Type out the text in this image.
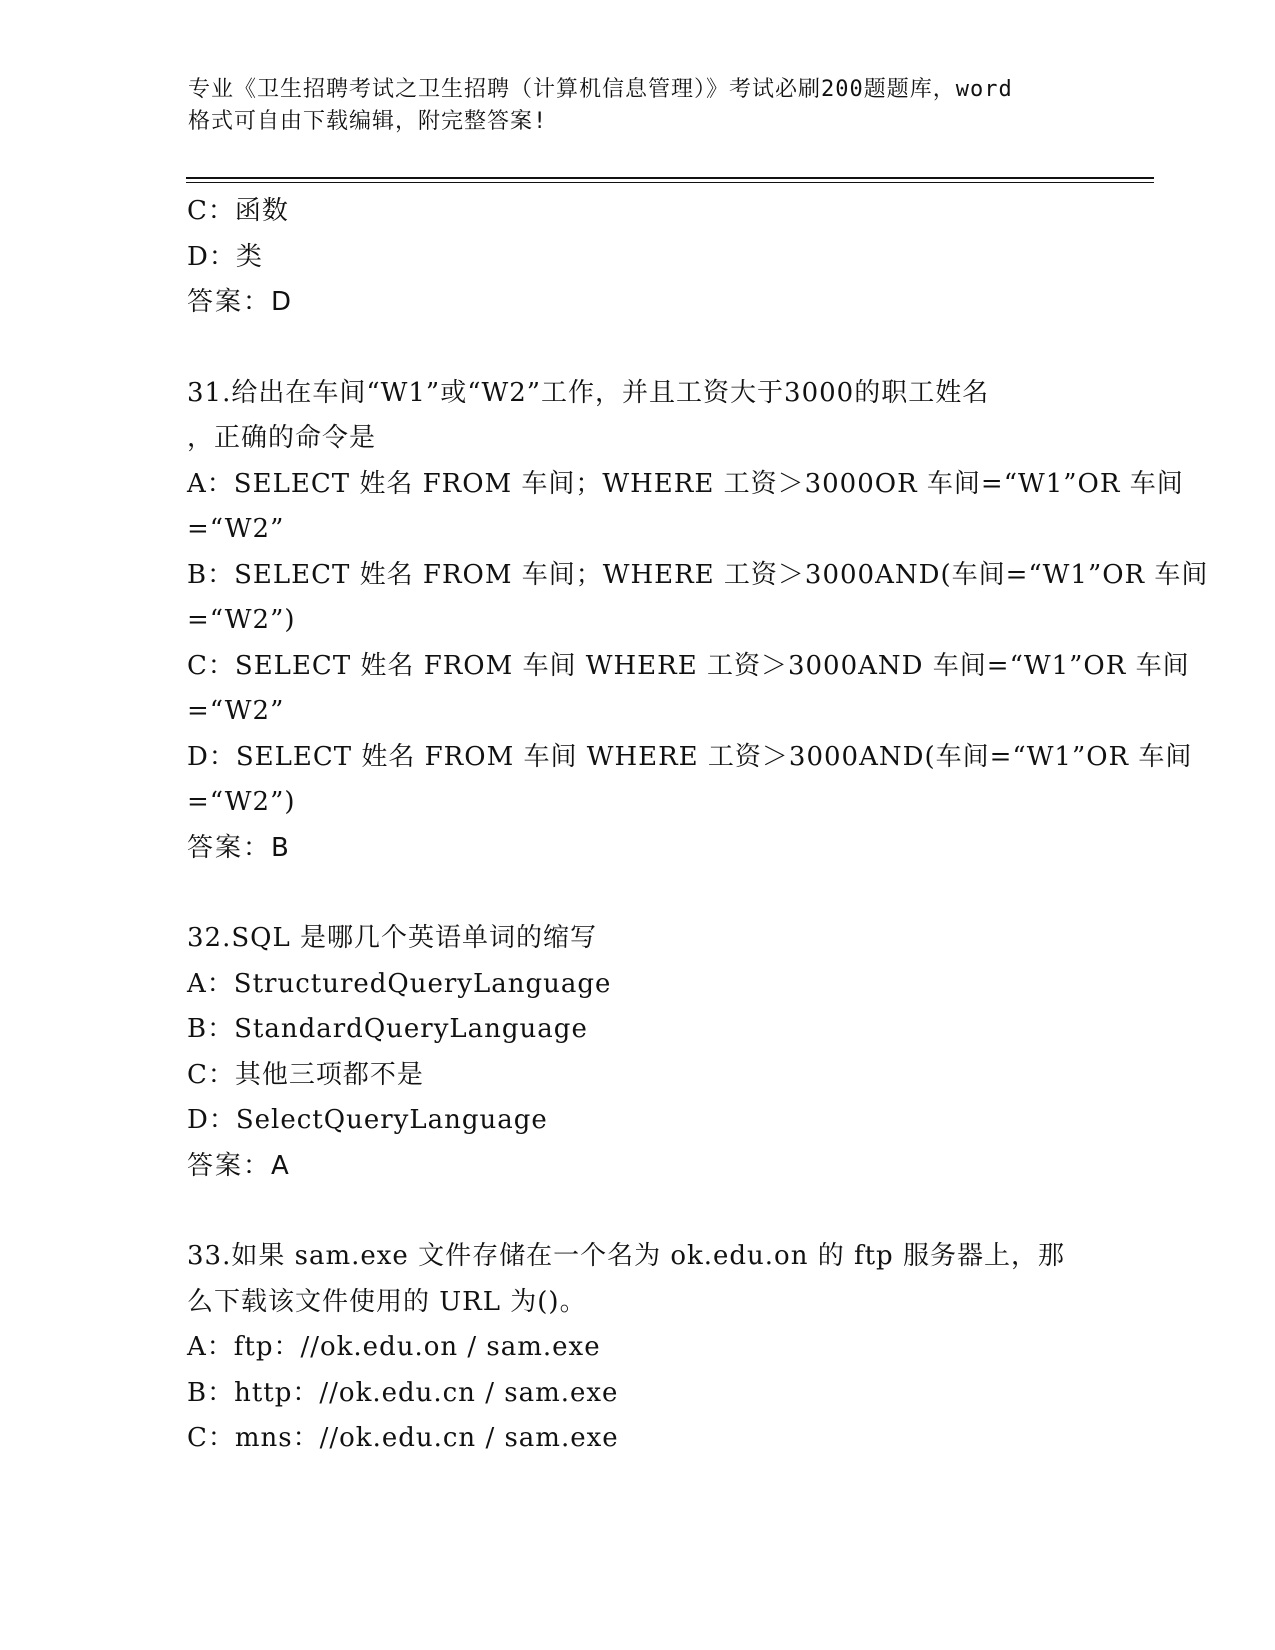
专业《卫生招聘考试之卫生招聘（计算机信息管理）》考试必刷200题题库，word
格式可自由下载编辑，附完整答案!
C：函数
D：类
答案：D
31.给出在车间“W1”或“W2”工作，并且工资大于3000的职工姓名
，正确的命令是
A：SELECT 姓名 FROM 车间；WHERE 工资＞3000OR 车间=“W1”OR 车间
=“W2”
B：SELECT 姓名 FROM 车间；WHERE 工资＞3000AND(车间=“W1”OR 车间
=“W2”)
C：SELECT 姓名 FROM 车间 WHERE 工资＞3000AND 车间=“W1”OR 车间
=“W2”
D：SELECT 姓名 FROM 车间 WHERE 工资＞3000AND(车间=“W1”OR 车间
=“W2”)
答案：B
32.SQL 是哪几个英语单词的缩写
A：StructuredQueryLanguage
B：StandardQueryLanguage
C：其他三项都不是
D：SelectQueryLanguage
答案：A
33.如果 sam.exe 文件存储在一个名为 ok.edu.on 的 ftp 服务器上，那
么下载该文件使用的 URL 为()。
A：ftp：//ok.edu.on / sam.exe
B：http：//ok.edu.cn / sam.exe
C：mns：//ok.edu.cn / sam.exe
